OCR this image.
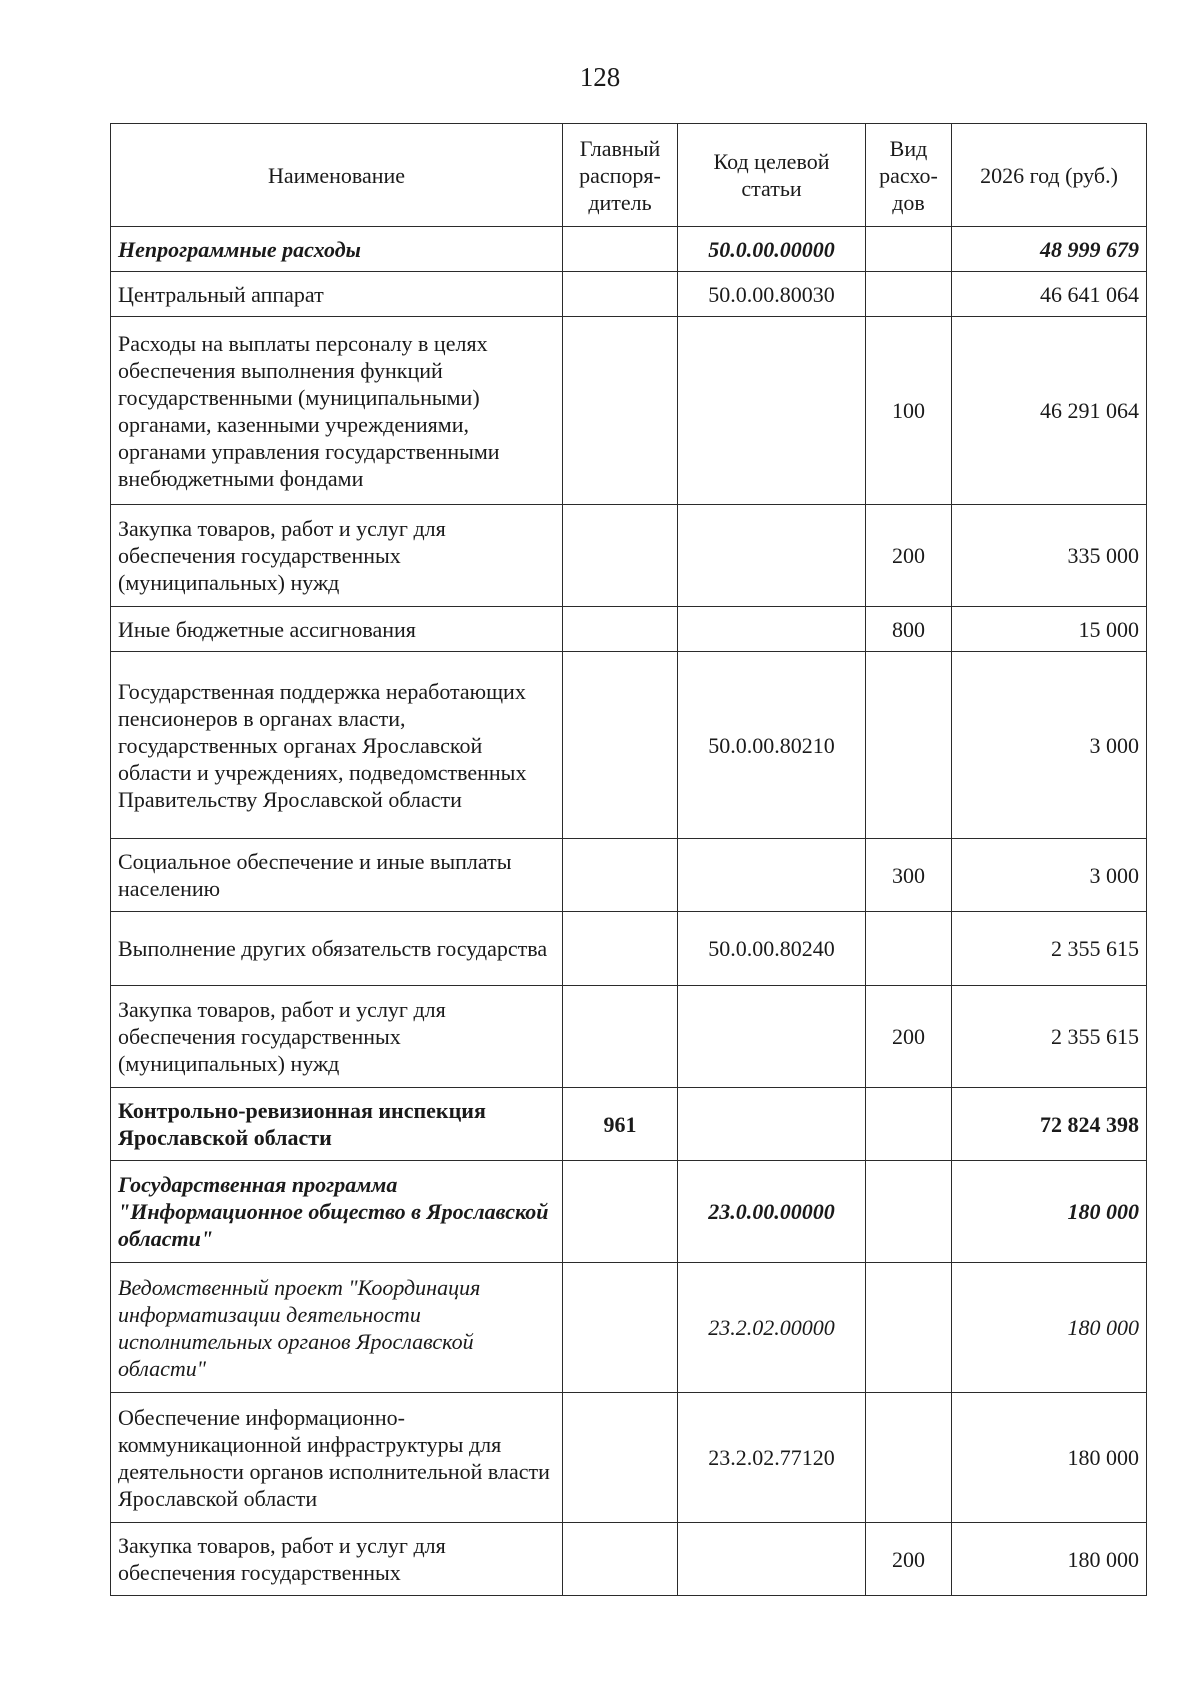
128
Наименование	Главный распоря-дитель	Код целевой статьи	Вид расхо-дов	2026 год (руб.)
Непрограммные расходы		50.0.00.00000		48 999 679
Центральный аппарат		50.0.00.80030		46 641 064
Расходы на выплаты персоналу в целях обеспечения выполнения функций государственными (муниципальными) органами, казенными учреждениями, органами управления государственными внебюджетными фондами			100	46 291 064
Закупка товаров, работ и услуг для обеспечения государственных (муниципальных) нужд			200	335 000
Иные бюджетные ассигнования			800	15 000
Государственная поддержка неработающих пенсионеров в органах власти, государственных органах Ярославской области и учреждениях, подведомственных Правительству Ярославской области		50.0.00.80210		3 000
Социальное обеспечение и иные выплаты населению			300	3 000
Выполнение других обязательств государства		50.0.00.80240		2 355 615
Закупка товаров, работ и услуг для обеспечения государственных (муниципальных) нужд			200	2 355 615
Контрольно-ревизионная инспекция Ярославской области	961			72 824 398
Государственная программа "Информационное общество в Ярославской области"		23.0.00.00000		180 000
Ведомственный проект "Координация информатизации деятельности исполнительных органов Ярославской области"		23.2.02.00000		180 000
Обеспечение информационно-коммуникационной инфраструктуры для деятельности органов исполнительной власти Ярославской области		23.2.02.77120		180 000
Закупка товаров, работ и услуг для обеспечения государственных			200	180 000
